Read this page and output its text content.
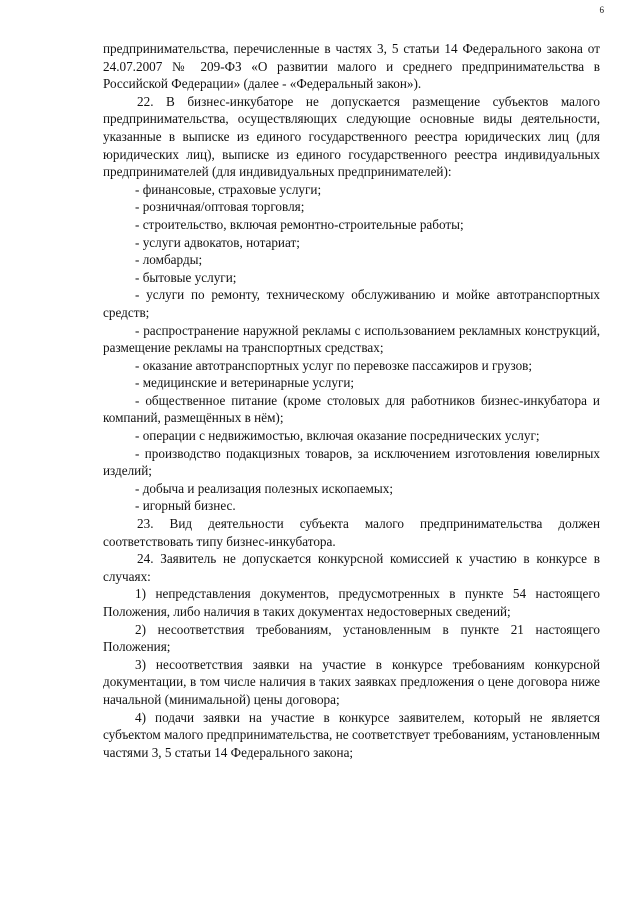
6

предпринимательства, перечисленные в частях 3, 5 статьи 14 Федерального закона от 24.07.2007 № 209-ФЗ «О развитии малого и среднего предпринимательства в Российской Федерации» (далее - «Федеральный закон»).

22. В бизнес-инкубаторе не допускается размещение субъектов малого предпринимательства, осуществляющих следующие основные виды деятельности, указанные в выписке из единого государственного реестра юридических лиц (для юридических лиц), выписке из единого государственного реестра индивидуальных предпринимателей (для индивидуальных предпринимателей):

- финансовые, страховые услуги;

- розничная/оптовая торговля;

- строительство, включая ремонтно-строительные работы;

- услуги адвокатов, нотариат;

- ломбарды;

- бытовые услуги;

- услуги по ремонту, техническому обслуживанию и мойке автотранспортных средств;

- распространение наружной рекламы с использованием рекламных конструкций, размещение рекламы на транспортных средствах;

- оказание автотранспортных услуг по перевозке пассажиров и грузов;

- медицинские и ветеринарные услуги;

- общественное питание (кроме столовых для работников бизнес-инкубатора и компаний, размещённых в нём);

- операции с недвижимостью, включая оказание посреднических услуг;

- производство подакцизных товаров, за исключением изготовления ювелирных изделий;

- добыча и реализация полезных ископаемых;

- игорный бизнес.

23. Вид деятельности субъекта малого предпринимательства должен соответствовать типу бизнес-инкубатора.

24. Заявитель не допускается конкурсной комиссией к участию в конкурсе в случаях:

1) непредставления документов, предусмотренных в пункте 54 настоящего Положения, либо наличия в таких документах недостоверных сведений;

2) несоответствия требованиям, установленным в пункте 21 настоящего Положения;

3) несоответствия заявки на участие в конкурсе требованиям конкурсной документации, в том числе наличия в таких заявках предложения о цене договора ниже начальной (минимальной) цены договора;

4) подачи заявки на участие в конкурсе заявителем, который не является субъектом малого предпринимательства, не соответствует требованиям, установленным частями 3, 5 статьи 14 Федерального закона;
